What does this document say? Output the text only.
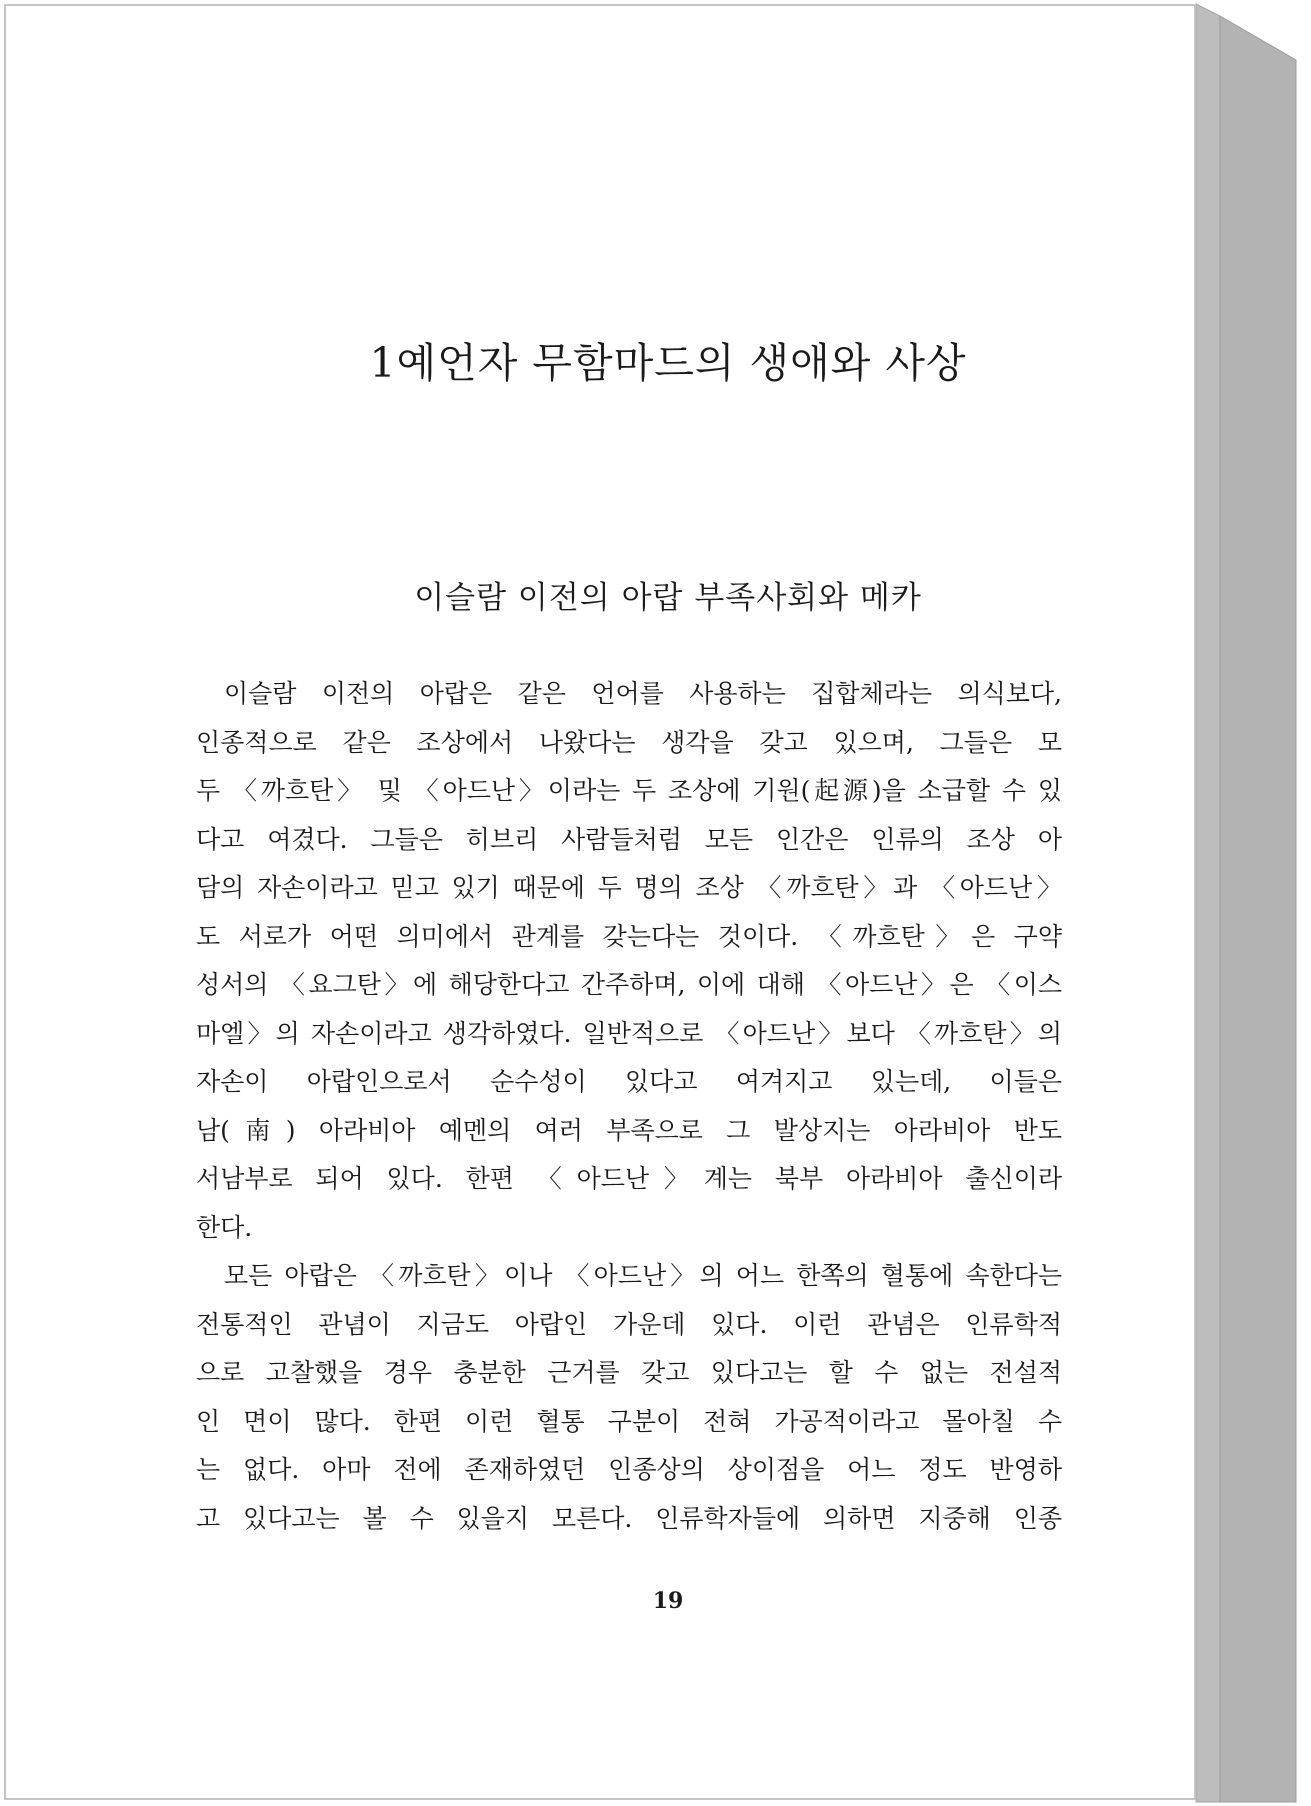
1예언자 무함마드의 생애와 사상
이슬람 이전의 아랍 부족사회와 메카
이슬람 이전의 아랍은 같은 언어를 사용하는 집합체라는 의식보다,
인종적으로 같은 조상에서 나왔다는 생각을 갖고 있으며, 그들은 모
두 〈까흐탄〉 및 〈아드난〉이라는 두 조상에 기원(起源)을 소급할 수 있
다고 여겼다. 그들은 히브리 사람들처럼 모든 인간은 인류의 조상 아
담의 자손이라고 믿고 있기 때문에 두 명의 조상 〈까흐탄〉과 〈아드난〉
도 서로가 어떤 의미에서 관계를 갖는다는 것이다. 〈까흐탄〉은 구약
성서의 〈요그탄〉에 해당한다고 간주하며, 이에 대해 〈아드난〉은 〈이스
마엘〉의 자손이라고 생각하였다. 일반적으로 〈아드난〉보다 〈까흐탄〉의
자손이 아랍인으로서 순수성이 있다고 여겨지고 있는데, 이들은
남(南) 아라비아 예멘의 여러 부족으로 그 발상지는 아라비아 반도
서남부로 되어 있다. 한편 〈아드난〉계는 북부 아라비아 출신이라
한다.
모든 아랍은 〈까흐탄〉이나 〈아드난〉의 어느 한쪽의 혈통에 속한다는
전통적인 관념이 지금도 아랍인 가운데 있다. 이런 관념은 인류학적
으로 고찰했을 경우 충분한 근거를 갖고 있다고는 할 수 없는 전설적
인 면이 많다. 한편 이런 혈통 구분이 전혀 가공적이라고 몰아칠 수
는 없다. 아마 전에 존재하였던 인종상의 상이점을 어느 정도 반영하
고 있다고는 볼 수 있을지 모른다. 인류학자들에 의하면 지중해 인종

19
